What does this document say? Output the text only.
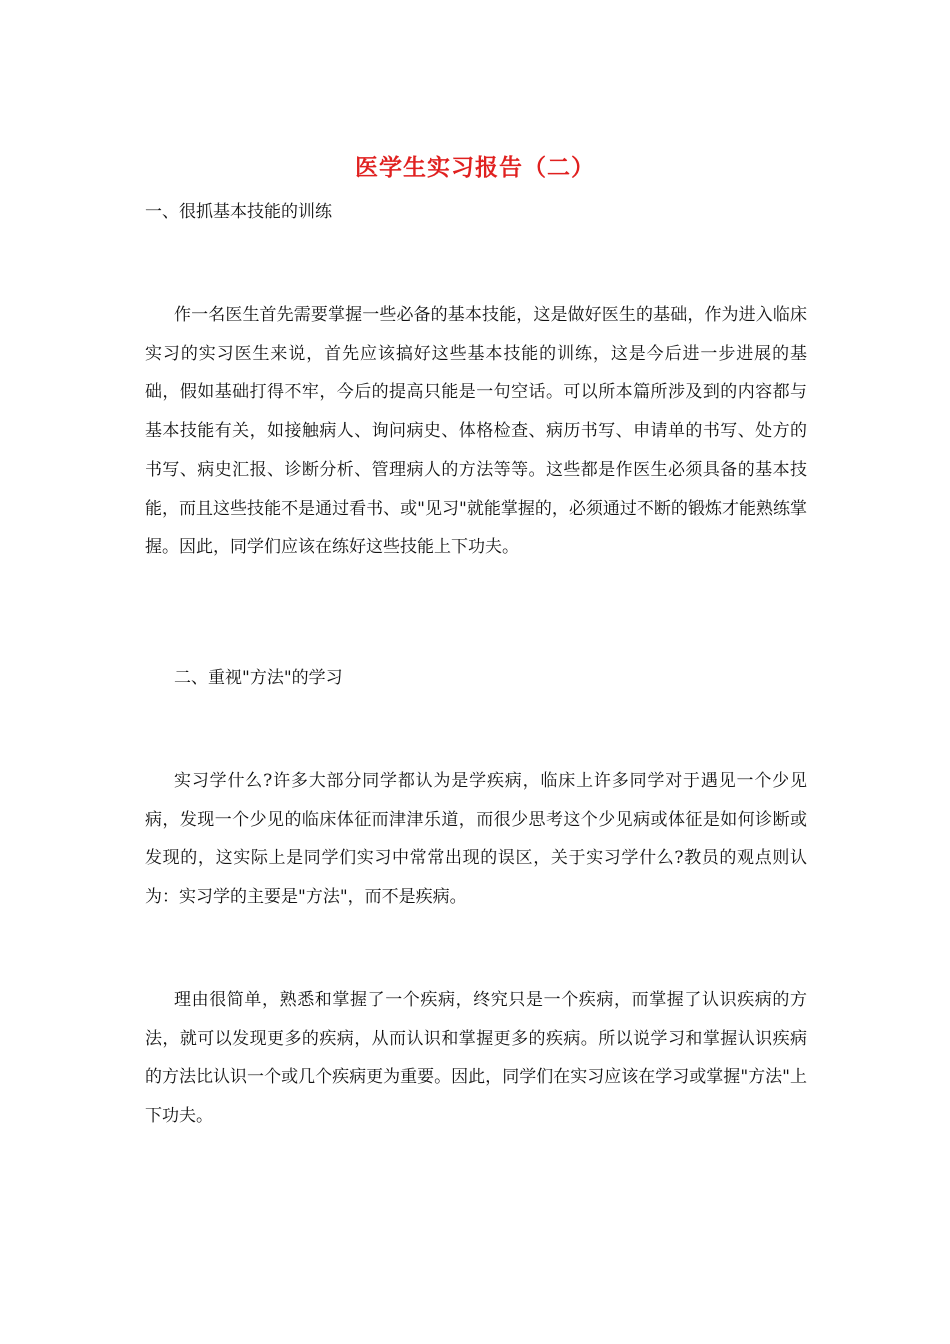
医学生实习报告（二）
一、很抓基本技能的训练

作一名医生首先需要掌握一些必备的基本技能，这是做好医生的基础，作为进入临床实习的实习医生来说，首先应该搞好这些基本技能的训练，这是今后进一步进展的基础，假如基础打得不牢，今后的提高只能是一句空话。可以所本篇所涉及到的内容都与基本技能有关，如接触病人、询问病史、体格检查、病历书写、申请单的书写、处方的书写、病史汇报、诊断分析、管理病人的方法等等。这些都是作医生必须具备的基本技能，而且这些技能不是通过看书、或"见习"就能掌握的，必须通过不断的锻炼才能熟练掌握。因此，同学们应该在练好这些技能上下功夫。

二、重视"方法"的学习

实习学什么?许多大部分同学都认为是学疾病，临床上许多同学对于遇见一个少见病，发现一个少见的临床体征而津津乐道，而很少思考这个少见病或体征是如何诊断或发现的，这实际上是同学们实习中常常出现的误区，关于实习学什么?教员的观点则认为：实习学的主要是"方法"，而不是疾病。

理由很简单，熟悉和掌握了一个疾病，终究只是一个疾病，而掌握了认识疾病的方法，就可以发现更多的疾病，从而认识和掌握更多的疾病。所以说学习和掌握认识疾病的方法比认识一个或几个疾病更为重要。因此，同学们在实习应该在学习或掌握"方法"上下功夫。
